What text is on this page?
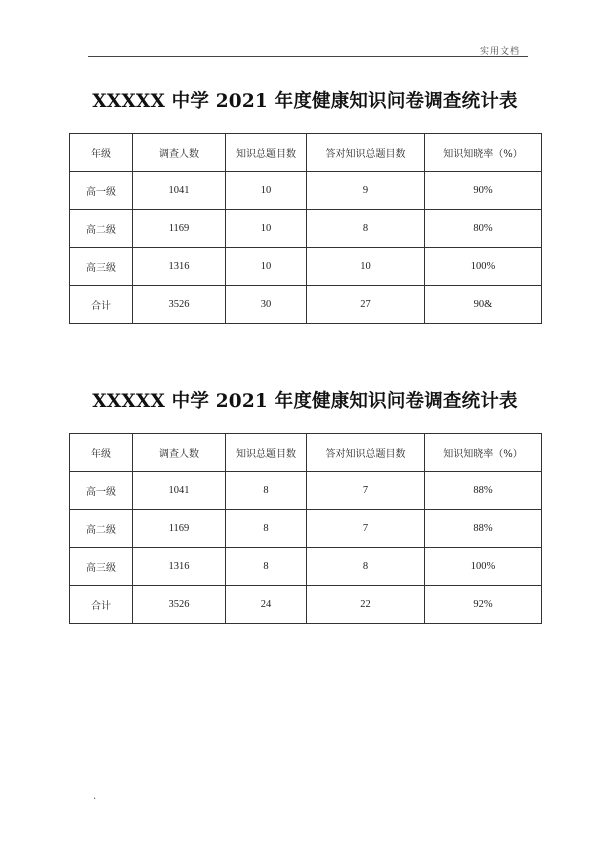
实用文档
XXXXX 中学 2021 年度健康知识问卷调查统计表
年级	调查人数	知识总题目数	答对知识总题目数	知识知晓率（%）
高一级	1041	10	9	90%
高二级	1169	10	8	80%
高三级	1316	10	10	100%
合计	3526	30	27	90&
XXXXX 中学 2021 年度健康知识问卷调查统计表
年级	调查人数	知识总题目数	答对知识总题目数	知识知晓率（%）
高一级	1041	8	7	88%
高二级	1169	8	7	88%
高三级	1316	8	8	100%
合计	3526	24	22	92%
.
